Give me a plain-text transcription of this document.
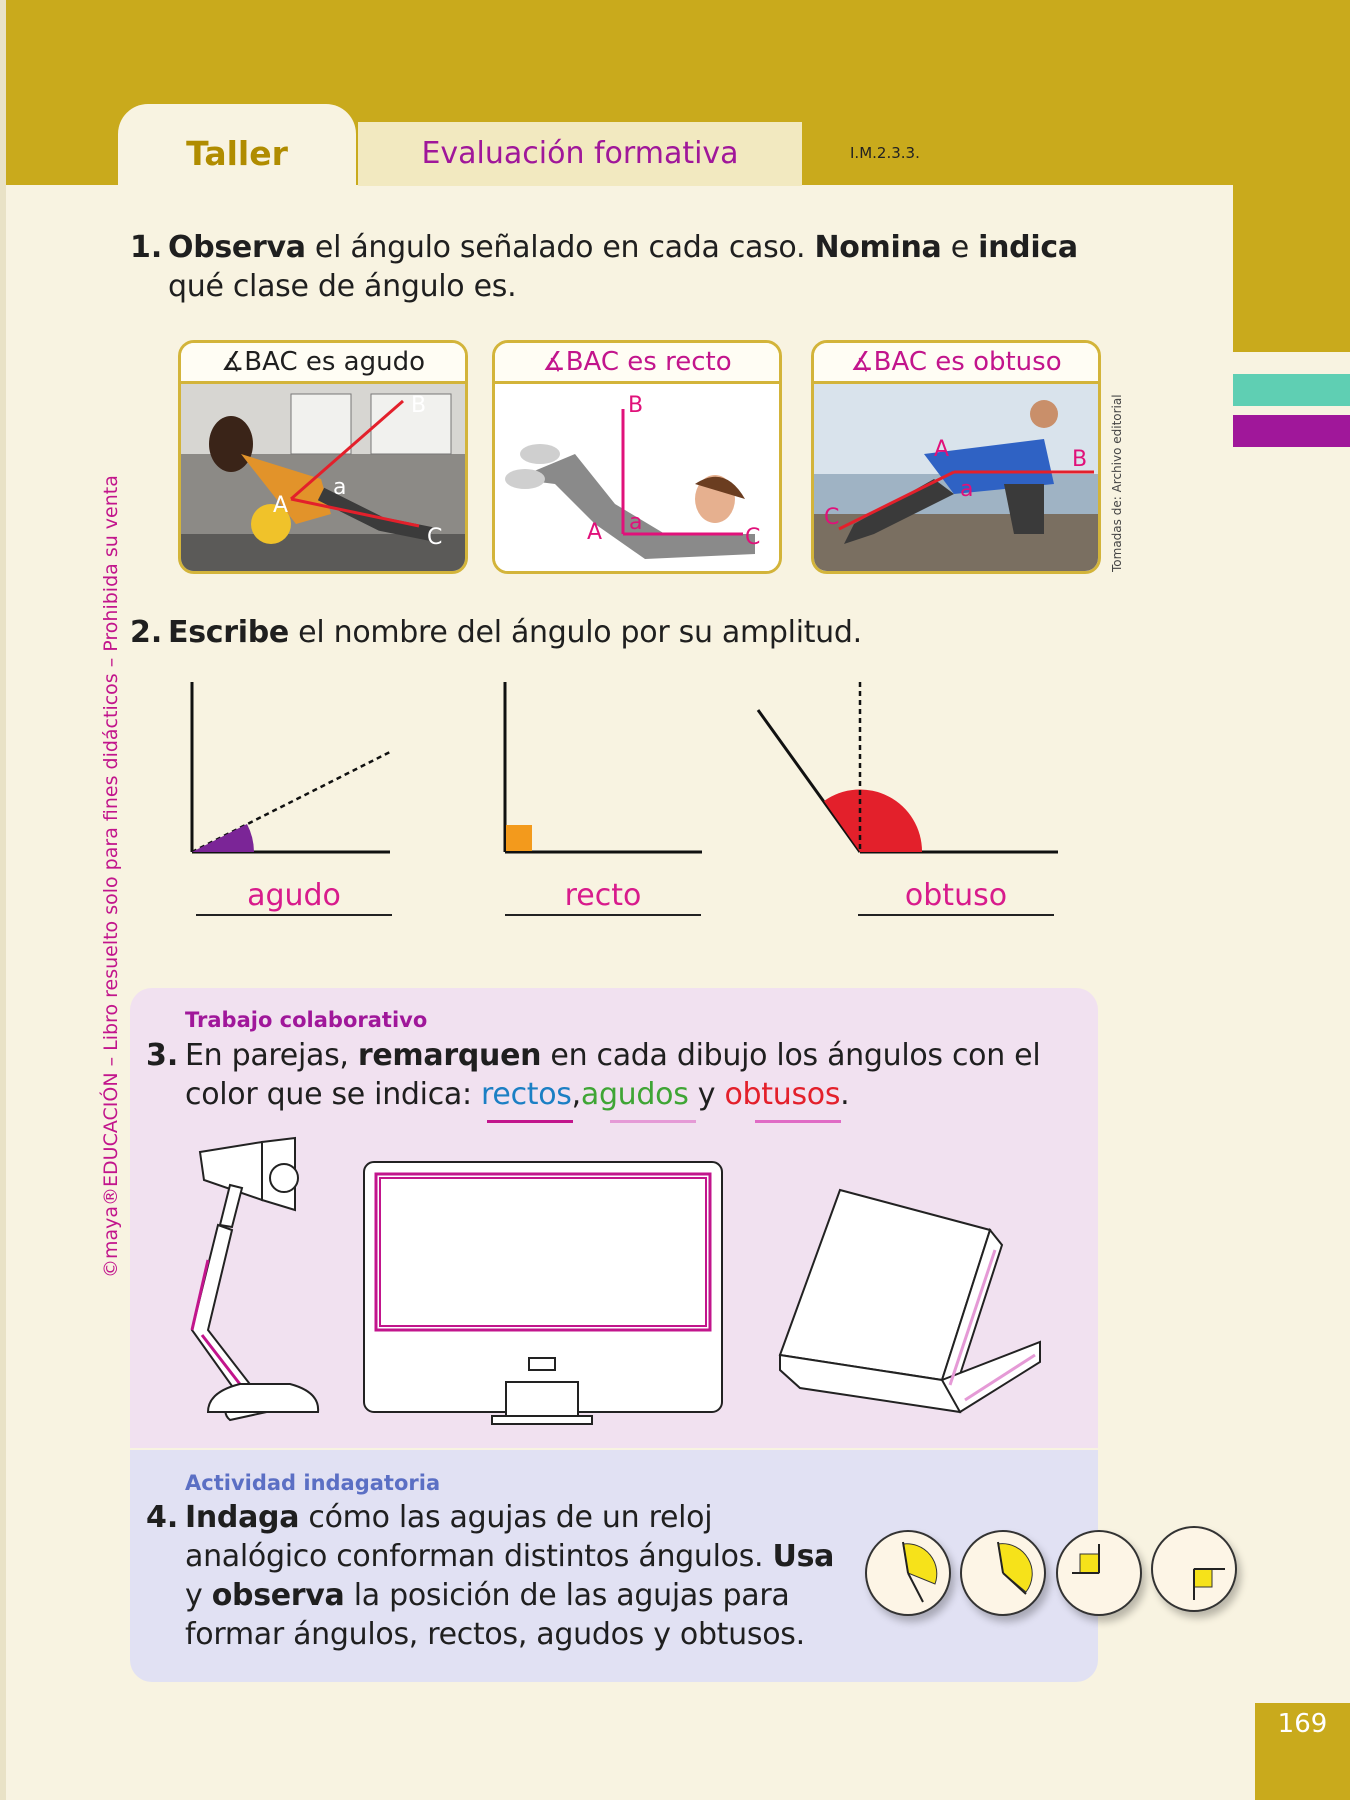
Taller	Evaluación formativa	I.M.2.3.3.
©maya®EDUCACIÓN – Libro resuelto solo para fines didácticos – Prohibida su venta
1. Observa el ángulo señalado en cada caso. Nomina e indica
qué clase de ángulo es.
∡BAC es agudo
B
A
a
C
∡BAC es recto
B
A a
C
∡BAC es obtuso
A	B
a
C	Tomadas de: Archivo editorial
2. Escribe el nombre del ángulo por su amplitud.
agudo	recto	obtuso
Trabajo colaborativo
3. En parejas, remarquen en cada dibujo los ángulos con el
color que se indica: rectos,agudos y obtusos.
Actividad indagatoria
4. Indaga cómo las agujas de un reloj
analógico conforman distintos ángulos. Usa
y observa la posición de las agujas para
formar ángulos, rectos, agudos y obtusos.
169
